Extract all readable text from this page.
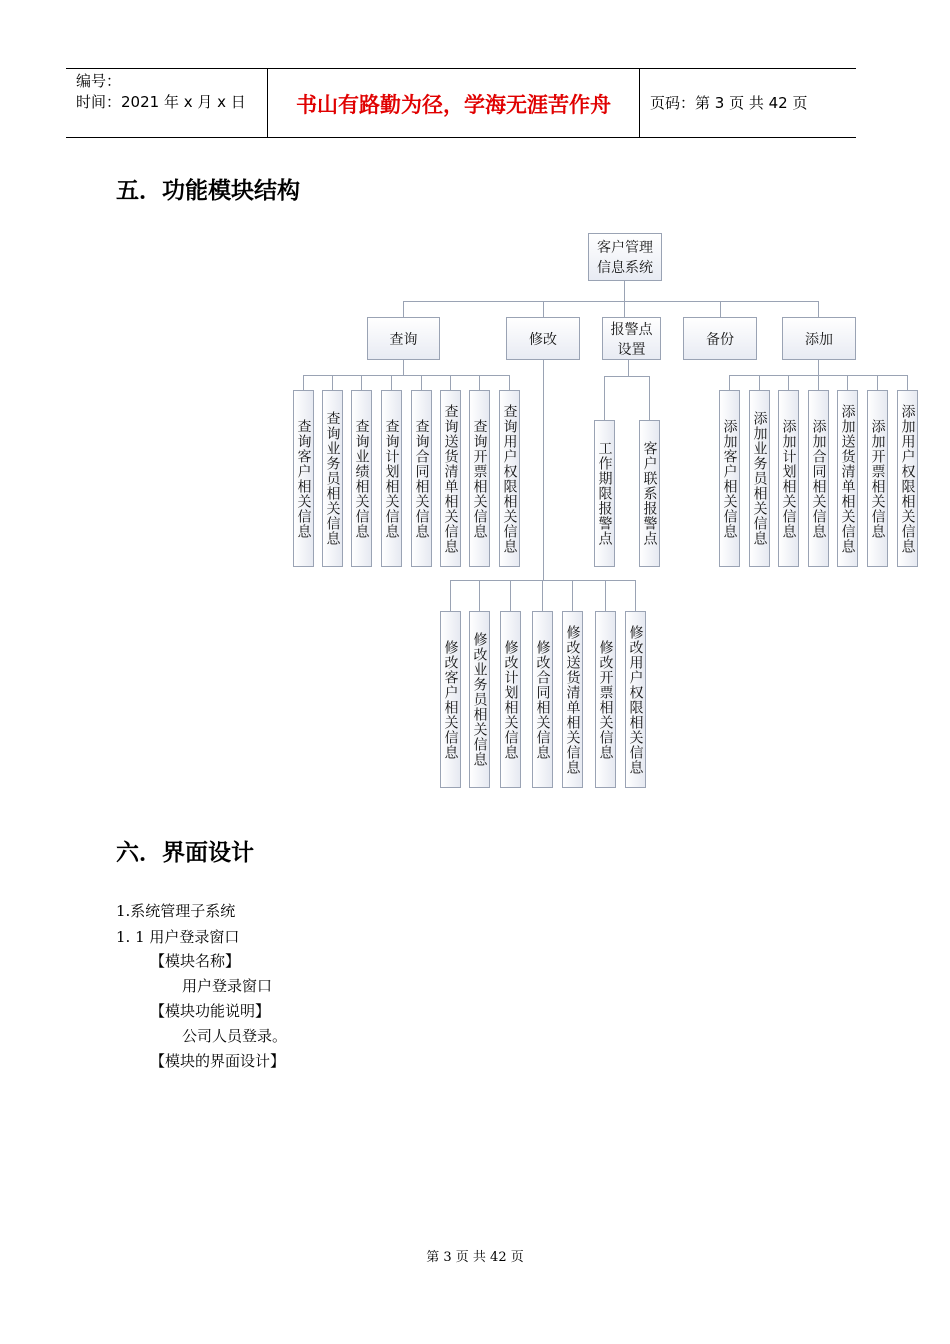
编号：
时间：2021 年 x 月 x 日	书山有路勤为径，学海无涯苦作舟	页码：第 3 页 共 42 页
五．功能模块结构
客户管理
信息系统
查询	修改
报警点
设置
备份	添加
查询客户相关信息 查询业务员相关信息 查询业绩相关信息 查询计划相关信息 查询合同相关信息 查询送货清单相关信息 查询开票相关信息 查询用户权限相关信息	工作期限报警点 客户联系报警点	添加客户相关信息 添加业务员相关信息 添加计划相关信息 添加合同相关信息 添加送货清单相关信息 添加开票相关信息 添加用户权限相关信息
修改客户相关信息 修改业务员相关信息 修改计划相关信息 修改合同相关信息 修改送货清单相关信息 修改开票相关信息 修改用户权限相关信息
六．界面设计
1.系统管理子系统
1. 1 用户登录窗口
【模块名称】
用户登录窗口
【模块功能说明】
公司人员登录。
【模块的界面设计】
第 3 页 共 42 页
